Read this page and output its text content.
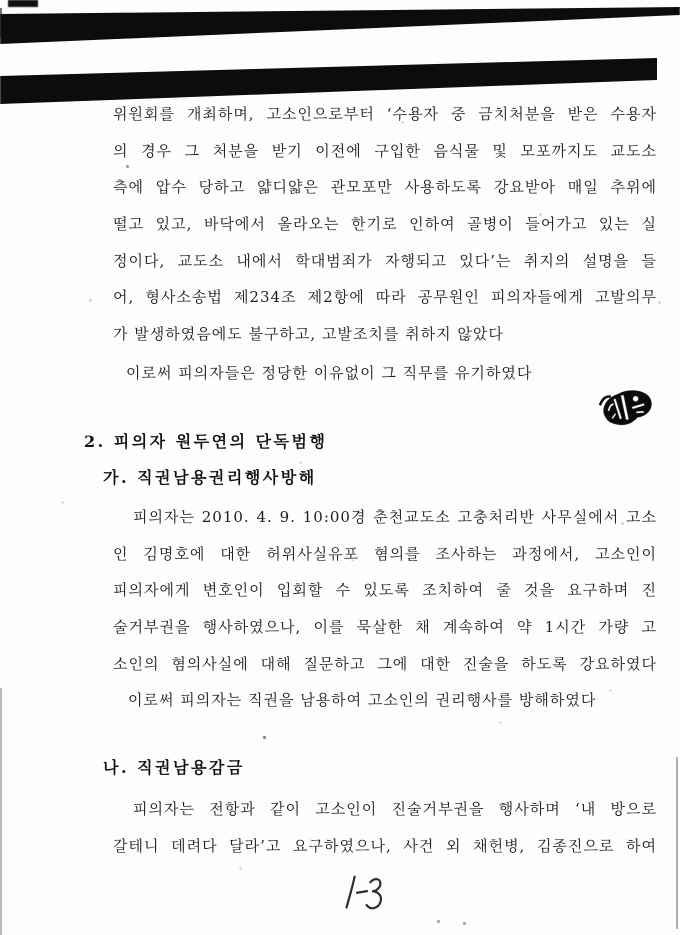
위원회를 개최하며, 고소인으로부터 ‘수용자 중 금치처분을 받은 수용자
의 경우 그 처분을 받기 이전에 구입한 음식물 및 모포까지도 교도소
측에 압수 당하고 얇디얇은 관모포만 사용하도록 강요받아 매일 추위에
떨고 있고, 바닥에서 올라오는 한기로 인하여 골병이 들어가고 있는 실
정이다, 교도소 내에서 학대범죄가 자행되고 있다’는 취지의 설명을 들
어, 형사소송법 제234조 제2항에 따라 공무원인 피의자들에게 고발의무
가 발생하였음에도 불구하고, 고발조치를 취하지 않았다
이로써 피의자들은 정당한 이유없이 그 직무를 유기하였다
2. 피의자 원두연의 단독범행
가. 직권남용권리행사방해
피의자는 2010. 4. 9. 10:00경 춘천교도소 고충처리반 사무실에서 고소
인 김명호에 대한 허위사실유포 혐의를 조사하는 과정에서, 고소인이
피의자에게 변호인이 입회할 수 있도록 조치하여 줄 것을 요구하며 진
술거부권을 행사하였으나, 이를 묵살한 채 계속하여 약 1시간 가량 고
소인의 혐의사실에 대해 질문하고 그에 대한 진술을 하도록 강요하였다
이로써 피의자는 직권을 남용하여 고소인의 권리행사를 방해하였다
나. 직권남용감금
피의자는 전항과 같이 고소인이 진술거부권을 행사하며 ‘내 방으로
갈테니 데려다 달라’고 요구하였으나, 사건 외 채헌병, 김종진으로 하여
